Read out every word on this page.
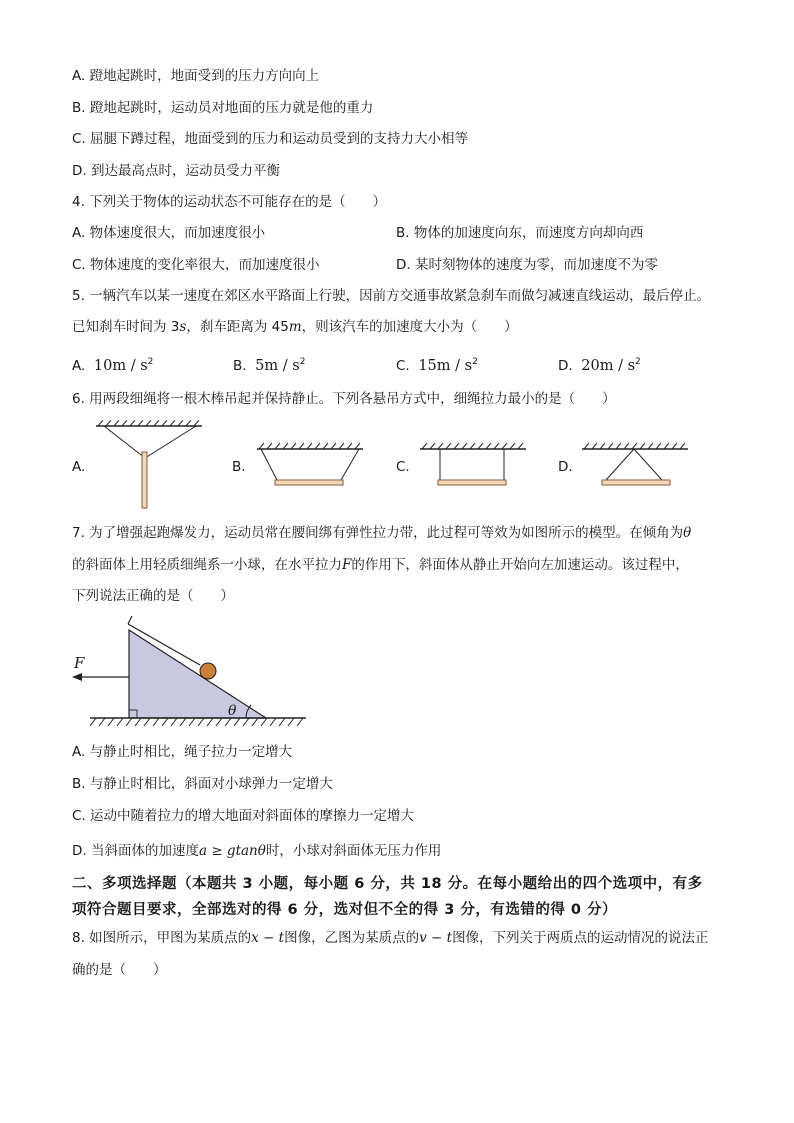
A. 蹬地起跳时，地面受到的压力方向向上
B. 蹬地起跳时，运动员对地面的压力就是他的重力
C. 屈腿下蹲过程，地面受到的压力和运动员受到的支持力大小相等
D. 到达最高点时，运动员受力平衡
4. 下列关于物体的运动状态不可能存在的是（　　）
A. 物体速度很大，而加速度很小	B. 物体的加速度向东，而速度方向却向西
C. 物体速度的变化率很大，而加速度很小	D. 某时刻物体的速度为零，而加速度不为零
5. 一辆汽车以某一速度在郊区水平路面上行驶，因前方交通事故紧急刹车而做匀减速直线运动，最后停止。
已知刹车时间为 3s，刹车距离为 45m，则该汽车的加速度大小为（　　）
A. $10m / s^2$	B. $5m / s^2$	C. $15m / s^2$	D. $20m / s^2$
6. 用两段细绳将一根木棒吊起并保持静止。下列各悬吊方式中，细绳拉力最小的是（　　）
A.	B.	C.	D.
7. 为了增强起跑爆发力，运动员常在腰间绑有弹性拉力带，此过程可等效为如图所示的模型。在倾角为θ
的斜面体上用轻质细绳系一小球，在水平拉力F的作用下，斜面体从静止开始向左加速运动。该过程中，
下列说法正确的是（　　）
F
θ
A. 与静止时相比，绳子拉力一定增大
B. 与静止时相比，斜面对小球弹力一定增大
C. 运动中随着拉力的增大地面对斜面体的摩擦力一定增大
D. 当斜面体的加速度a ≥ gtanθ时，小球对斜面体无压力作用
二、多项选择题（本题共 3 小题，每小题 6 分，共 18 分。在每小题给出的四个选项中，有多
项符合题目要求，全部选对的得 6 分，选对但不全的得 3 分，有选错的得 0 分）
8. 如图所示，甲图为某质点的x − t图像，乙图为某质点的v − t图像，下列关于两质点的运动情况的说法正
确的是（　　）
